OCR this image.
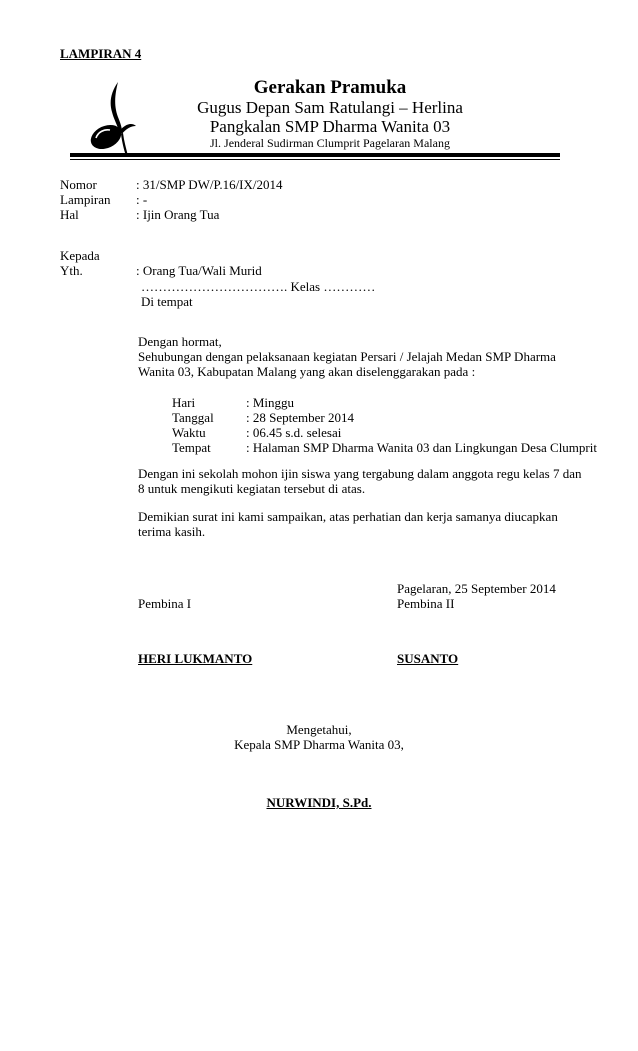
LAMPIRAN 4
Gerakan Pramuka
Gugus Depan Sam Ratulangi – Herlina
Pangkalan SMP Dharma Wanita 03
Jl. Jenderal Sudirman Clumprit Pagelaran Malang
Nomor	: 31/SMP DW/P.16/IX/2014
Lampiran : -
Hal	: Ijin Orang Tua
Kepada
Yth.	: Orang Tua/Wali Murid
……………………………. Kelas …………
Di tempat
Dengan hormat,
Sehubungan dengan pelaksanaan kegiatan Persari / Jelajah Medan SMP Dharma Wanita 03, Kabupatan Malang yang akan diselenggarakan pada :
Hari	: Minggu
Tanggal : 28 September 2014
Waktu	: 06.45 s.d. selesai
Tempat	: Halaman SMP Dharma Wanita 03 dan Lingkungan Desa Clumprit
Dengan ini sekolah mohon ijin siswa yang tergabung dalam anggota regu kelas 7 dan 8 untuk mengikuti kegiatan tersebut di atas.
Demikian surat ini kami sampaikan, atas perhatian dan kerja samanya diucapkan terima kasih.
Pagelaran, 25 September 2014
Pembina I	Pembina II
HERI LUKMANTO	SUSANTO
Mengetahui,
Kepala SMP Dharma Wanita 03,
NURWINDI, S.Pd.
